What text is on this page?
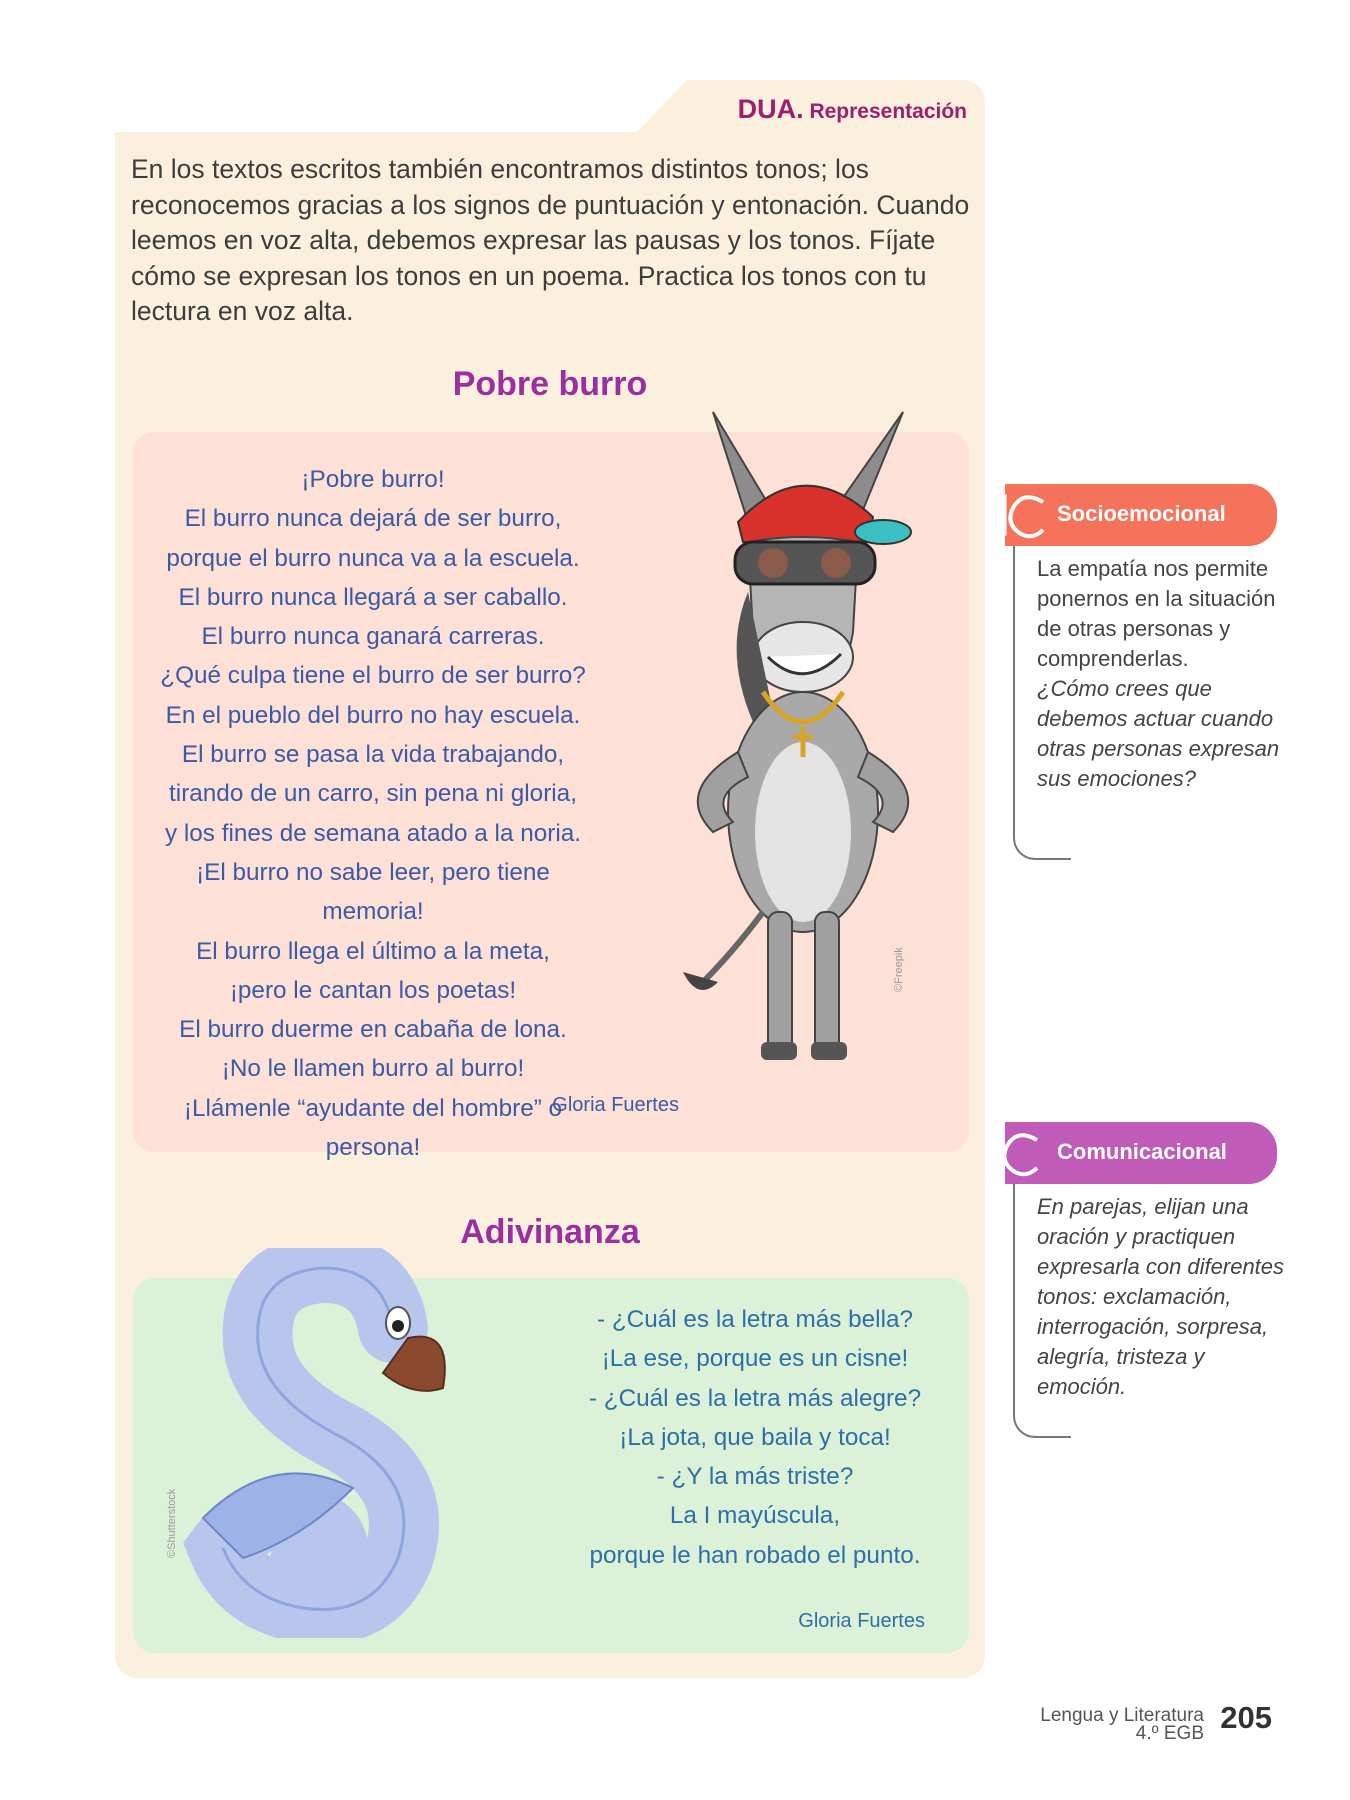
DUA. Representación
En los textos escritos también encontramos distintos tonos; los reconocemos gracias a los signos de puntuación y entonación. Cuando leemos en voz alta, debemos expresar las pausas y los tonos. Fíjate cómo se expresan los tonos en un poema. Practica los tonos con tu lectura en voz alta.
Pobre burro
¡Pobre burro!
El burro nunca dejará de ser burro,
porque el burro nunca va a la escuela.
El burro nunca llegará a ser caballo.
El burro nunca ganará carreras.
¿Qué culpa tiene el burro de ser burro?
En el pueblo del burro no hay escuela.
El burro se pasa la vida trabajando,
tirando de un carro, sin pena ni gloria,
y los fines de semana atado a la noria.
¡El burro no sabe leer, pero tiene memoria!
El burro llega el último a la meta,
¡pero le cantan los poetas!
El burro duerme en cabaña de lona.
¡No le llamen burro al burro!
¡Llámenle “ayudante del hombre” o persona!
Gloria Fuertes
©Freepik
Adivinanza
©Shutterstock
- ¿Cuál es la letra más bella?
¡La ese, porque es un cisne!
- ¿Cuál es la letra más alegre?
¡La jota, que baila y toca!
- ¿Y la más triste?
La I mayúscula,
porque le han robado el punto.
Gloria Fuertes
Socioemocional
La empatía nos permite ponernos en la situación de otras personas y comprenderlas.
¿Cómo crees que debemos actuar cuando otras personas expresan sus emociones?
Comunicacional
En parejas, elijan una oración y practiquen expresarla con diferentes tonos: exclamación, interrogación, sorpresa, alegría, tristeza y emoción.
Lengua y Literatura
4.º EGB 205
